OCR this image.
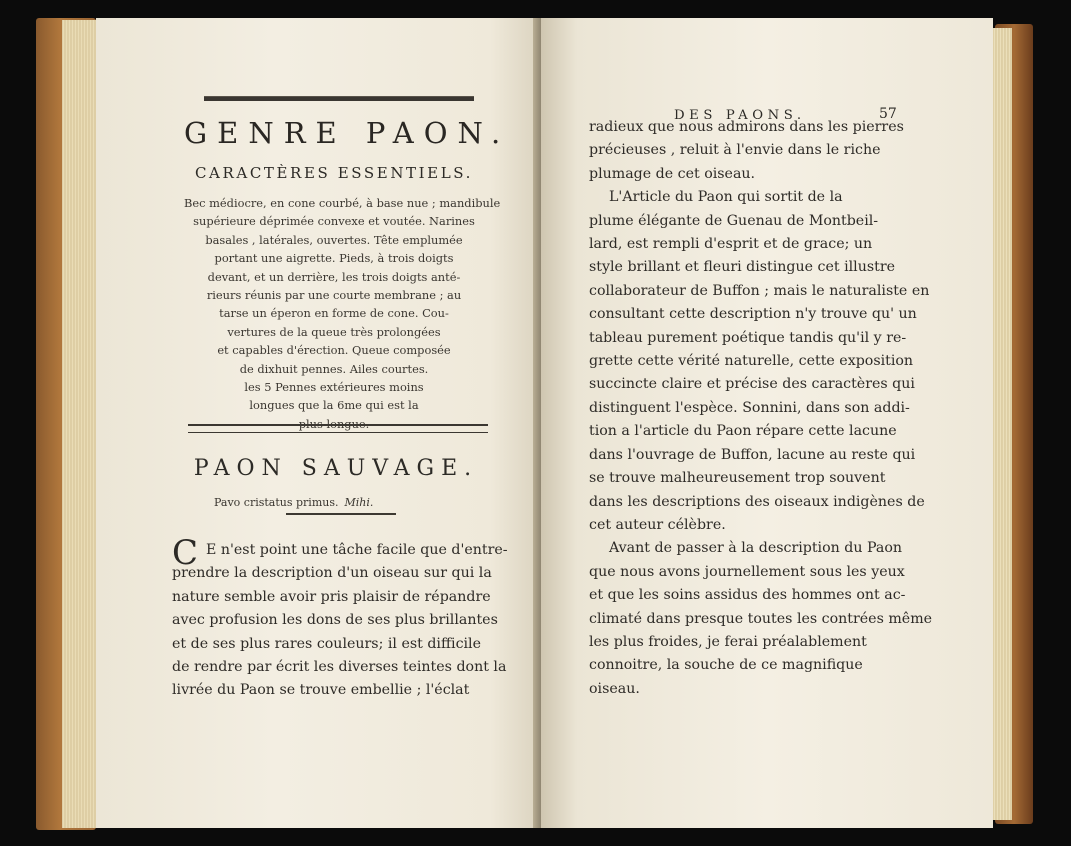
GENRE PAON.
CARACTÈRES ESSENTIELS.

Bec médiocre, en cone courbé, à base nue ; mandibule

supérieure déprimée convexe et voutée. Narines

basales , latérales, ouvertes. Tête emplumée

portant une aigrette. Pieds, à trois doigts

devant, et un derrière, les trois doigts anté-

rieurs réunis par une courte membrane ; au

tarse un éperon en forme de cone. Cou-

vertures de la queue très prolongées

et capables d'érection. Queue composée

de dixhuit pennes. Ailes courtes.

les 5 Pennes extérieures moins

longues que la 6me qui est la

plus longue.

PAON SAUVAGE.
Pavo cristatus primus. Mihi.
C E n'est point une tâche facile que d'entre-

prendre la description d'un oiseau sur qui la

nature semble avoir pris plaisir de répandre

avec profusion les dons de ses plus brillantes

et de ses plus rares couleurs; il est difficile

de rendre par écrit les diverses teintes dont la

livrée du Paon se trouve embellie ; l'éclat

DES PAONS.	57

radieux que nous admirons dans les pierres

précieuses , reluit à l'envie dans le riche

plumage de cet oiseau.

L'Article du Paon qui sortit de la

plume élégante de Guenau de Montbeil-

lard, est rempli d'esprit et de grace; un

style brillant et fleuri distingue cet illustre

collaborateur de Buffon ; mais le naturaliste en

consultant cette description n'y trouve qu' un

tableau purement poétique tandis qu'il y re-

grette cette vérité naturelle, cette exposition

succincte claire et précise des caractères qui

distinguent l'espèce. Sonnini, dans son addi-

tion a l'article du Paon répare cette lacune

dans l'ouvrage de Buffon, lacune au reste qui

se trouve malheureusement trop souvent

dans les descriptions des oiseaux indigènes de

cet auteur célèbre.

Avant de passer à la description du Paon

que nous avons journellement sous les yeux

et que les soins assidus des hommes ont ac-

climaté dans presque toutes les contrées même

les plus froides, je ferai préalablement

connoitre, la souche de ce magnifique

oiseau.
